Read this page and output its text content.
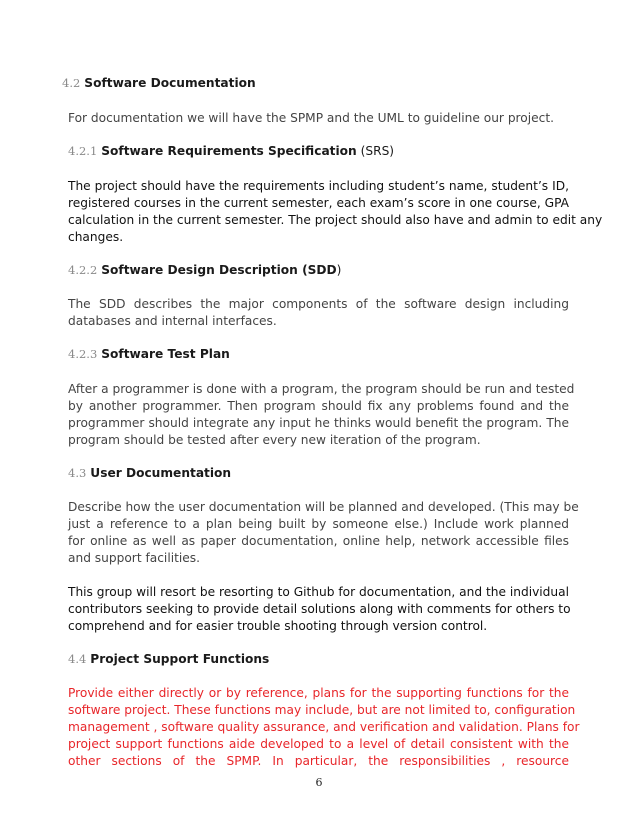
4.2 Software Documentation
For documentation we will have the SPMP and the UML to guideline our project.
4.2.1 Software Requirements Specification (SRS)
The project should have the requirements including student’s name, student’s ID,
registered courses in the current semester, each exam’s score in one course, GPA
calculation in the current semester. The project should also have and admin to edit any
changes.
4.2.2 Software Design Description (SDD)
The SDD describes the major components of the software design including
databases and internal interfaces.
4.2.3 Software Test Plan
After a programmer is done with a program, the program should be run and tested
by another programmer. Then program should fix any problems found and the
programmer should integrate any input he thinks would benefit the program. The
program should be tested after every new iteration of the program.
4.3 User Documentation
Describe how the user documentation will be planned and developed. (This may be
just a reference to a plan being built by someone else.) Include work planned
for online as well as paper documentation, online help, network accessible files
and support facilities.
This group will resort be resorting to Github for documentation, and the individual
contributors seeking to provide detail solutions along with comments for others to
comprehend and for easier trouble shooting through version control.
4.4 Project Support Functions
Provide either directly or by reference, plans for the supporting functions for the
software project. These functions may include, but are not limited to, configuration
management , software quality assurance, and verification and validation. Plans for
project support functions aide developed to a level of detail consistent with the
other sections of the SPMP. In particular, the responsibilities , resource
6
